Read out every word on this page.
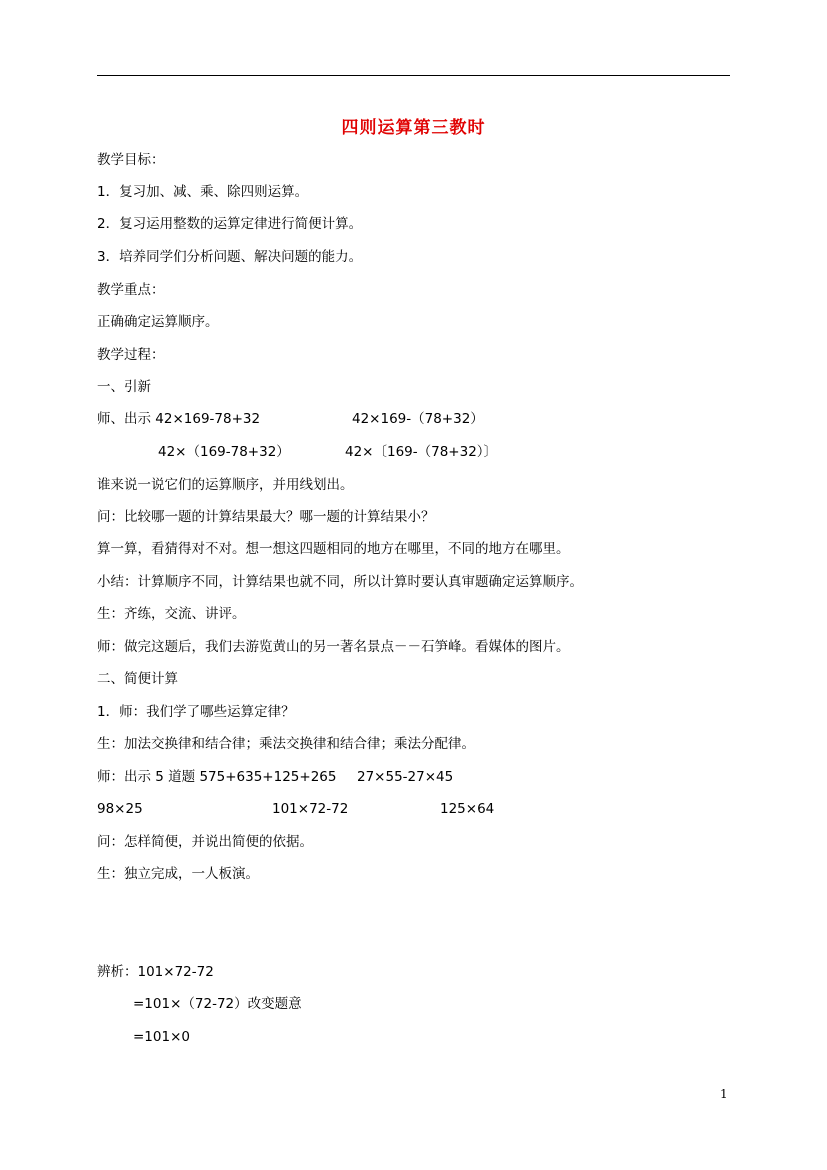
四则运算第三教时
教学目标：
1．复习加、减、乘、除四则运算。
2．复习运用整数的运算定律进行简便计算。
3．培养同学们分析问题、解决问题的能力。
教学重点：
正确确定运算顺序。
教学过程：
一、引新
师、出示 42×169-78+32	42×169-（78+32）
42×（169-78+32）	42×〔169-（78+32）〕
谁来说一说它们的运算顺序，并用线划出。
问：比较哪一题的计算结果最大？哪一题的计算结果小？
算一算，看猜得对不对。想一想这四题相同的地方在哪里，不同的地方在哪里。
小结：计算顺序不同，计算结果也就不同，所以计算时要认真审题确定运算顺序。
生：齐练，交流、讲评。
师：做完这题后，我们去游览黄山的另一著名景点－－石笋峰。看媒体的图片。
二、简便计算
1．师：我们学了哪些运算定律？
生：加法交换律和结合律；乘法交换律和结合律；乘法分配律。
师：出示 5 道题 575+635+125+265 27×55-27×45
98×25	101×72-72	125×64
问：怎样简便，并说出简便的依据。
生：独立完成，一人板演。
辨析：101×72-72
=101×（72-72）改变题意
=101×0
1
